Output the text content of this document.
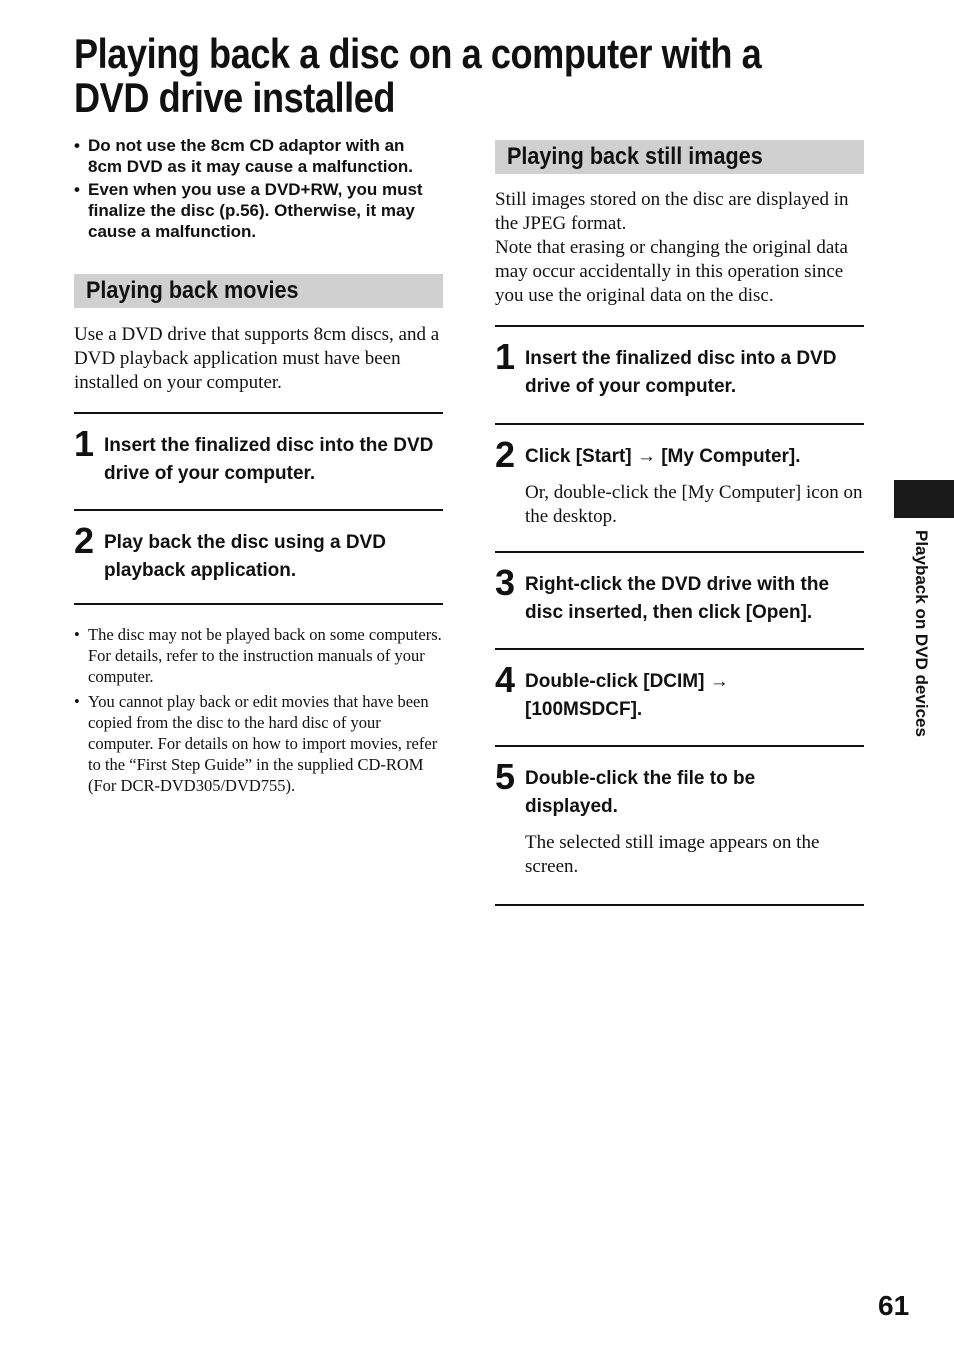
Playing back a disc on a computer with a DVD drive installed
• Do not use the 8cm CD adaptor with an 8cm DVD as it may cause a malfunction.
• Even when you use a DVD+RW, you must finalize the disc (p.56). Otherwise, it may cause a malfunction.
Playing back movies

Use a DVD drive that supports 8cm discs, and a DVD playback application must have been installed on your computer.

1 Insert the finalized disc into the DVD drive of your computer.

2 Play back the disc using a DVD playback application.

• The disc may not be played back on some computers. For details, refer to the instruction manuals of your computer.
• You cannot play back or edit movies that have been copied from the disc to the hard disc of your computer. For details on how to import movies, refer to the “First Step Guide” in the supplied CD-ROM (For DCR-DVD305/DVD755).
Playing back still images

Still images stored on the disc are displayed in the JPEG format.

Note that erasing or changing the original data may occur accidentally in this operation since you use the original data on the disc.

1 Insert the finalized disc into a DVD drive of your computer.

2 Click [Start] → [My Computer].

Or, double-click the [My Computer] icon on the desktop.

3 Right-click the DVD drive with the disc inserted, then click [Open].

4 Double-click [DCIM] → [100MSDCF].

5 Double-click the file to be displayed.

The selected still image appears on the screen.

Playback on DVD devices
61
